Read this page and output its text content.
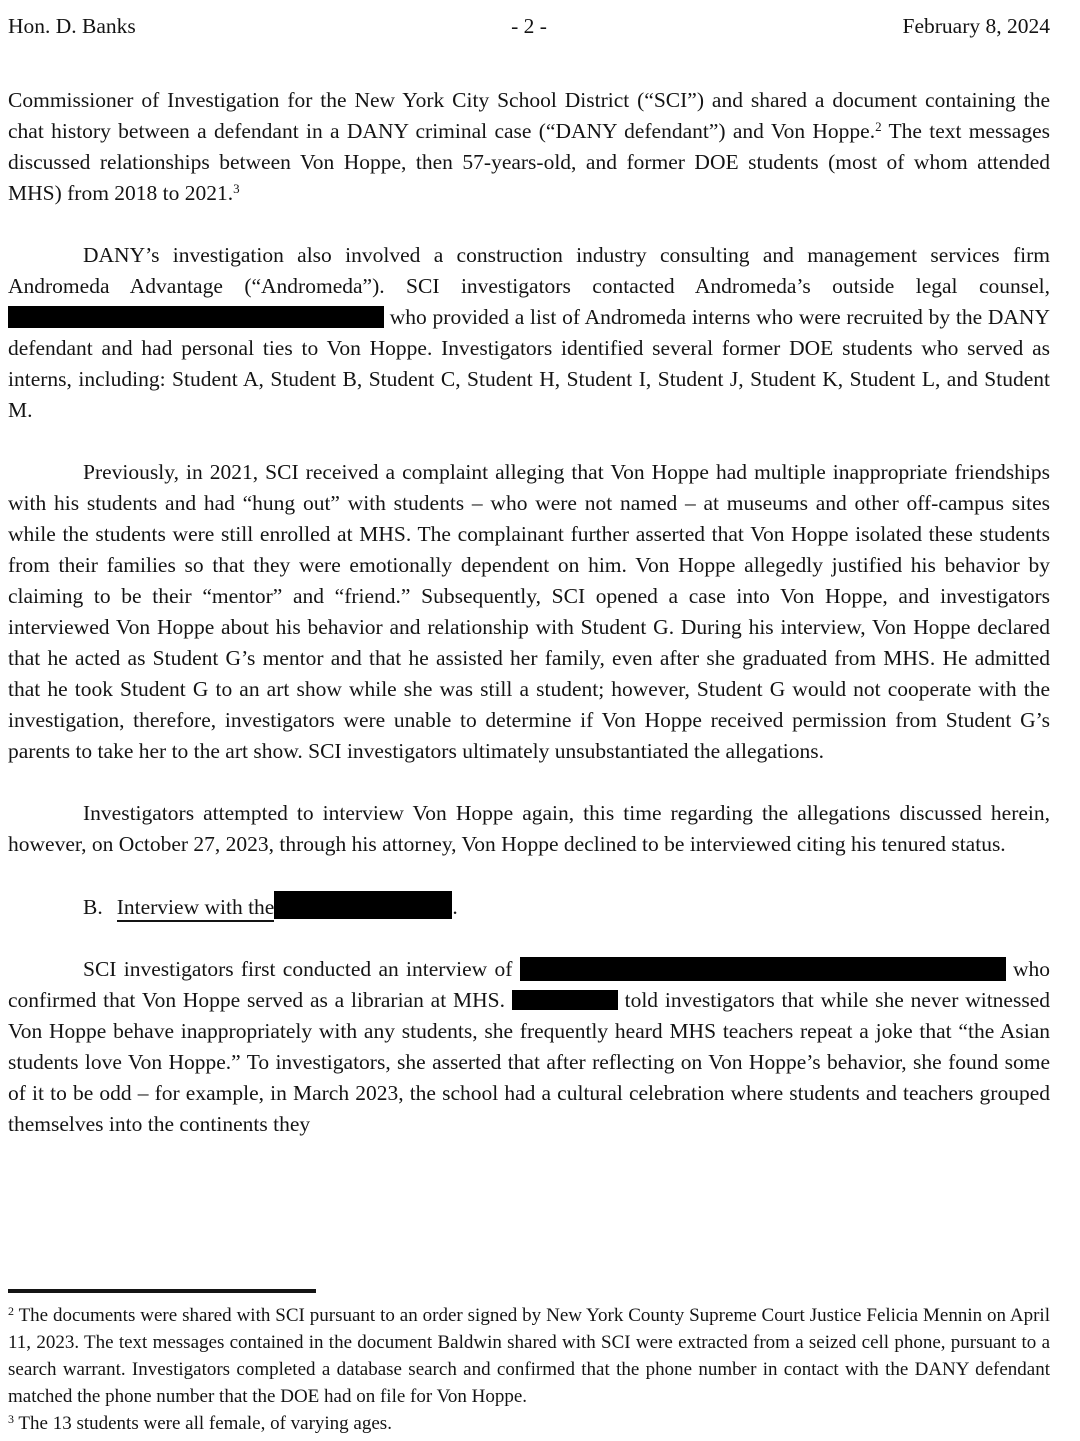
Hon. D. Banks	- 2 -	February 8, 2024

Commissioner of Investigation for the New York City School District (“SCI”) and shared a document containing the chat history between a defendant in a DANY criminal case (“DANY defendant”) and Von Hoppe.$^2$ The text messages discussed relationships between Von Hoppe, then 57-years-old, and former DOE students (most of whom attended MHS) from 2018 to 2021.$^3$

DANY’s investigation also involved a construction industry consulting and management services firm Andromeda Advantage (“Andromeda”). SCI investigators contacted Andromeda’s outside legal counsel,  who provided a list of Andromeda interns who were recruited by the DANY defendant and had personal ties to Von Hoppe. Investigators identified several former DOE students who served as interns, including: Student A, Student B, Student C, Student H, Student I, Student J, Student K, Student L, and Student M.

Previously, in 2021, SCI received a complaint alleging that Von Hoppe had multiple inappropriate friendships with his students and had “hung out” with students – who were not named – at museums and other off-campus sites while the students were still enrolled at MHS. The complainant further asserted that Von Hoppe isolated these students from their families so that they were emotionally dependent on him. Von Hoppe allegedly justified his behavior by claiming to be their “mentor” and “friend.” Subsequently, SCI opened a case into Von Hoppe, and investigators interviewed Von Hoppe about his behavior and relationship with Student G. During his interview, Von Hoppe declared that he acted as Student G’s mentor and that he assisted her family, even after she graduated from MHS. He admitted that he took Student G to an art show while she was still a student; however, Student G would not cooperate with the investigation, therefore, investigators were unable to determine if Von Hoppe received permission from Student G’s parents to take her to the art show. SCI investigators ultimately unsubstantiated the allegations.

Investigators attempted to interview Von Hoppe again, this time regarding the allegations discussed herein, however, on October 27, 2023, through his attorney, Von Hoppe declined to be interviewed citing his tenured status.

B. Interview with the	.

SCI investigators first conducted an interview of	who confirmed that Von Hoppe served as a librarian at MHS.	told investigators that while she never witnessed Von Hoppe behave inappropriately with any students, she frequently heard MHS teachers repeat a joke that “the Asian students love Von Hoppe.” To investigators, she asserted that after reflecting on Von Hoppe’s behavior, she found some of it to be odd – for example, in March 2023, the school had a cultural celebration where students and teachers grouped themselves into the continents they

$^2$ The documents were shared with SCI pursuant to an order signed by New York County Supreme Court Justice Felicia Mennin on April 11, 2023. The text messages contained in the document Baldwin shared with SCI were extracted from a seized cell phone, pursuant to a search warrant. Investigators completed a database search and confirmed that the phone number in contact with the DANY defendant matched the phone number that the DOE had on file for Von Hoppe.

$^3$ The 13 students were all female, of varying ages.
